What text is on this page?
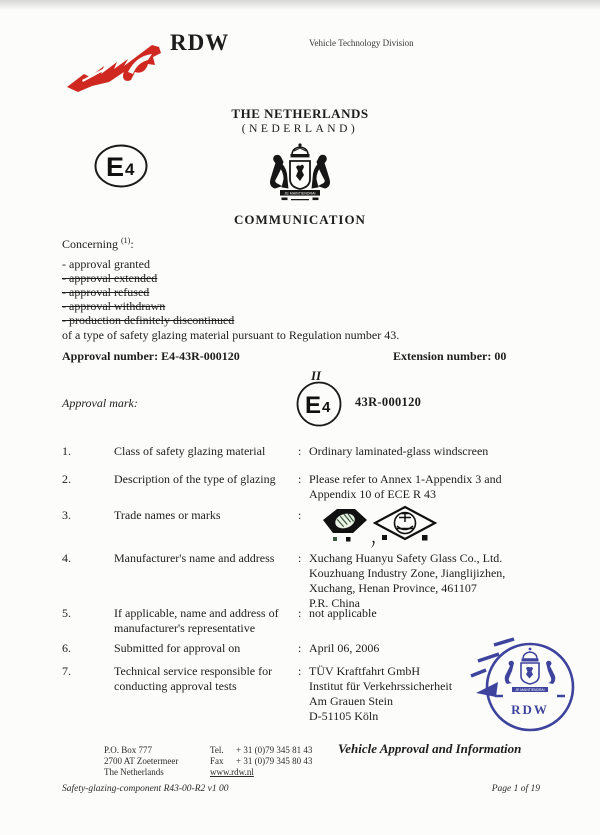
RDW	Vehicle Technology Division
THE NETHERLANDS
(NEDERLAND)
JE MAINTIENDRAI
COMMUNICATION
E 4
Concerning $^{(1)}$:
- approval granted
- approval extended
- approval refused
- approval withdrawn
- production definitely discontinued
of a type of safety glazing material pursuant to Regulation number 43.
Approval number: E4-43R-000120	Extension number: 00
Approval mark:
II
E 4 43R-000120
1.	Class of safety glazing material	: Ordinary laminated-glass windscreen
2.	Description of the type of glazing	: Please refer to Annex 1-Appendix 3 and
Appendix 10 of ECE R 43
3.	Trade names or marks	:
4.	Manufacturer's name and address	: Xuchang Huanyu Safety Glass Co., Ltd.
Kouzhuang Industry Zone, Jianglijizhen,
Xuchang, Henan Province, 461107
P.R. China
5.	If applicable, name and address of
manufacturer's representative
: not applicable
6.	Submitted for approval on	: April 06, 2006
7.	Technical service responsible for
conducting approval tests
: TÜV Kraftfahrt GmbH
Institut für Verkehrssicherheit
Am Grauen Stein
D-51105 Köln
JE MAINTIENDRAI
RDW
P.O. Box 777
2700 AT Zoetermeer
The Netherlands
Tel.	+ 31 (0)79 345 81 43
Fax	+ 31 (0)79 345 80 43
www.rdw.nl
Vehicle Approval and Information
Safety-glazing-component R43-00-R2 v1 00	Page 1 of 19
